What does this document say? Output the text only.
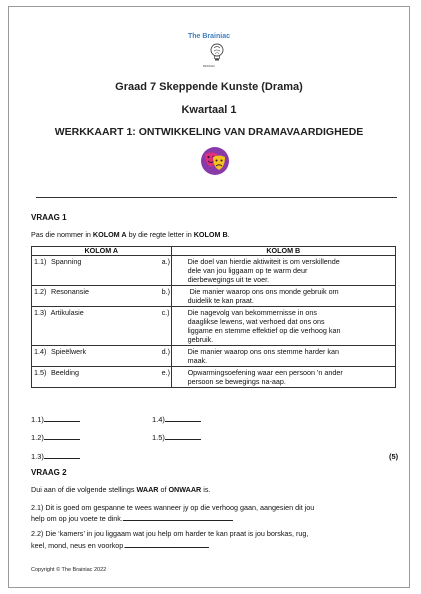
The Brainiac
BRAINIAC
Graad 7 Skeppende Kunste (Drama)
Kwartaal 1
WERKKAART 1: ONTWIKKELING VAN DRAMAVAARDIGHEDE
VRAAG 1
Pas die nommer in KOLOM A by die regte letter in KOLOM B.
KOLOM A	KOLOM B
1.1) Spanning	a.) Die doel van hierdie aktiwiteit is om verskillende
dele van jou liggaam op te warm deur
dierbewegings uit te voer.

1.2) Resonansie	b.) Die manier waarop ons ons monde gebruik om
duidelik te kan praat.

1.3) Artikulasie	c.) Die nagevolg van bekommernisse in ons
daaglikse lewens, wat verhoed dat ons ons
liggame en stemme effektief op die verhoog kan
gebruik.

1.4) Spieëlwerk	d.) Die manier waarop ons ons stemme harder kan
maak.

1.5) Beelding	e.) Opwarmingsoefening waar een persoon 'n ander
persoon se bewegings na-aap.
1.1)
1.2)
1.3)
1.4)
1.5)
(5)
VRAAG 2
Dui aan of die volgende stellings WAAR of ONWAAR is.
2.1) Dit is goed om gespanne te wees wanneer jy op die verhoog gaan, aangesien dit jou
help om op jou voete te dink.
2.2) Die ‘kamers’ in jou liggaam wat jou help om harder te kan praat is jou borskas, rug,
keel, mond, neus en voorkop.
Copyright © The Brainiac 2022
